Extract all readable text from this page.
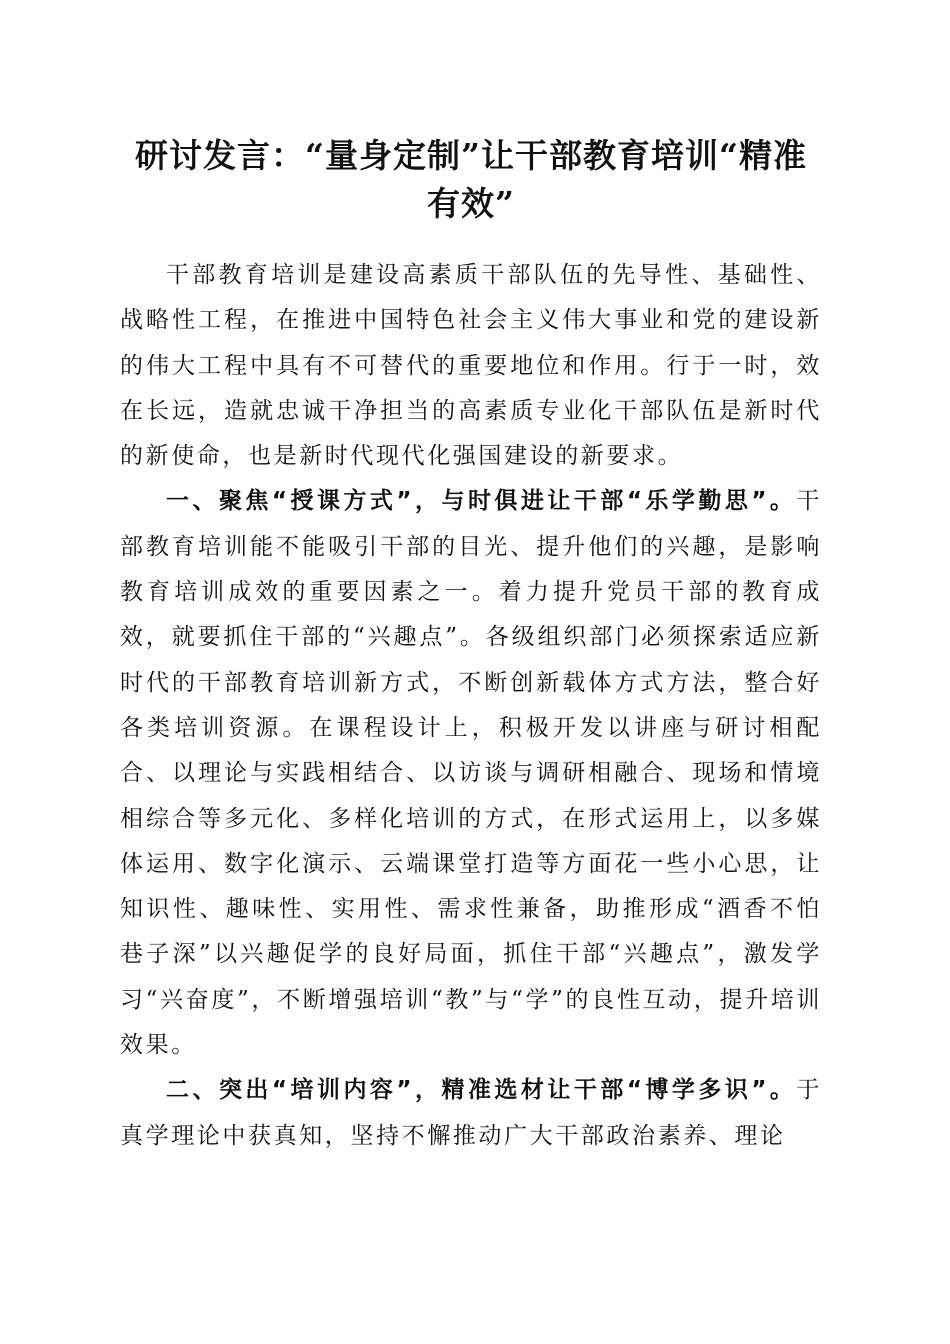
研讨发言：“量身定制”让干部教育培训“精准有效”

干部教育培训是建设高素质干部队伍的先导性、基础性、战略性工程，在推进中国特色社会主义伟大事业和党的建设新的伟大工程中具有不可替代的重要地位和作用。行于一时，效在长远，造就忠诚干净担当的高素质专业化干部队伍是新时代的新使命，也是新时代现代化强国建设的新要求。

一、聚焦“授课方式”，与时俱进让干部“乐学勤思”。干部教育培训能不能吸引干部的目光、提升他们的兴趣，是影响教育培训成效的重要因素之一。着力提升党员干部的教育成效，就要抓住干部的“兴趣点”。各级组织部门必须探索适应新时代的干部教育培训新方式，不断创新载体方式方法，整合好各类培训资源。在课程设计上，积极开发以讲座与研讨相配合、以理论与实践相结合、以访谈与调研相融合、现场和情境相综合等多元化、多样化培训的方式，在形式运用上，以多媒体运用、数字化演示、云端课堂打造等方面花一些小心思，让知识性、趣味性、实用性、需求性兼备，助推形成“酒香不怕巷子深”以兴趣促学的良好局面，抓住干部“兴趣点”，激发学习“兴奋度”，不断增强培训“教”与“学”的良性互动，提升培训效果。

二、突出“培训内容”，精准选材让干部“博学多识”。于真学理论中获真知，坚持不懈推动广大干部政治素养、理论
